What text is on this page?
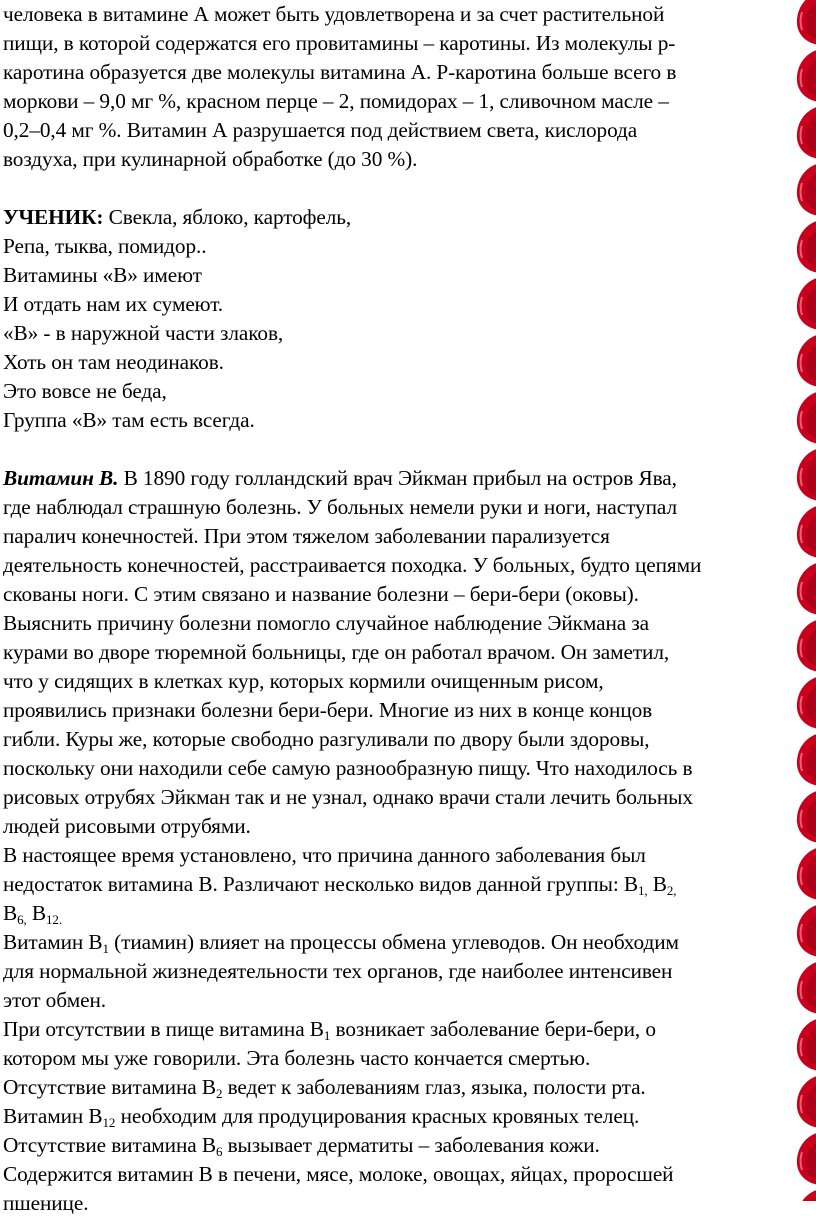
человека в витамине А может быть удовлетворена и за счет растительной
пищи, в которой содержатся его провитамины – каротины. Из молекулы p-
каротина образуется две молекулы витамина А. P-каротина больше всего в
моркови – 9,0 мг %, красном перце – 2, помидорах – 1, сливочном масле –
0,2–0,4 мг %. Витамин А разрушается под действием света, кислорода
воздуха, при кулинарной обработке (до 30 %).

УЧЕНИК: Свекла, яблоко, картофель,
Репа, тыква, помидор..
Витамины «В» имеют
И отдать нам их сумеют.
«В» - в наружной части злаков,
Хоть он там неодинаков.
Это вовсе не беда,
Группа «В» там есть всегда.

Витамин В. В 1890 году голландский врач Эйкман прибыл на остров Ява,
где наблюдал страшную болезнь. У больных немели руки и ноги, наступал
паралич конечностей. При этом тяжелом заболевании парализуется
деятельность конечностей, расстраивается походка. У больных, будто цепями
скованы ноги. С этим связано и название болезни – бери-бери (оковы).
Выяснить причину болезни помогло случайное наблюдение Эйкмана за
курами во дворе тюремной больницы, где он работал врачом. Он заметил,
что у сидящих в клетках кур, которых кормили очищенным рисом,
проявились признаки болезни бери-бери. Многие из них в конце концов
гибли. Куры же, которые свободно разгуливали по двору были здоровы,
поскольку они находили себе самую разнообразную пищу. Что находилось в
рисовых отрубях Эйкман так и не узнал, однако врачи стали лечить больных
людей рисовыми отрубями.

В настоящее время установлено, что причина данного заболевания был
недостаток витамина В. Различают несколько видов данной группы: $В_{1,}$ $В_{2,}$
$В_{6,}$ $В_{12.}$

Витамин $В_1$ (тиамин) влияет на процессы обмена углеводов. Он необходим
для нормальной жизнедеятельности тех органов, где наиболее интенсивен
этот обмен.

При отсутствии в пище витамина $В_1$ возникает заболевание бери-бери, о
котором мы уже говорили. Эта болезнь часто кончается смертью.

Отсутствие витамина $В_2$ ведет к заболеваниям глаз, языка, полости рта.

Витамин $В_{12}$ необходим для продуцирования красных кровяных телец.

Отсутствие витамина $В_6$ вызывает дерматиты – заболевания кожи.

Содержится витамин В в печени, мясе, молоке, овощах, яйцах, проросшей
пшенице.
